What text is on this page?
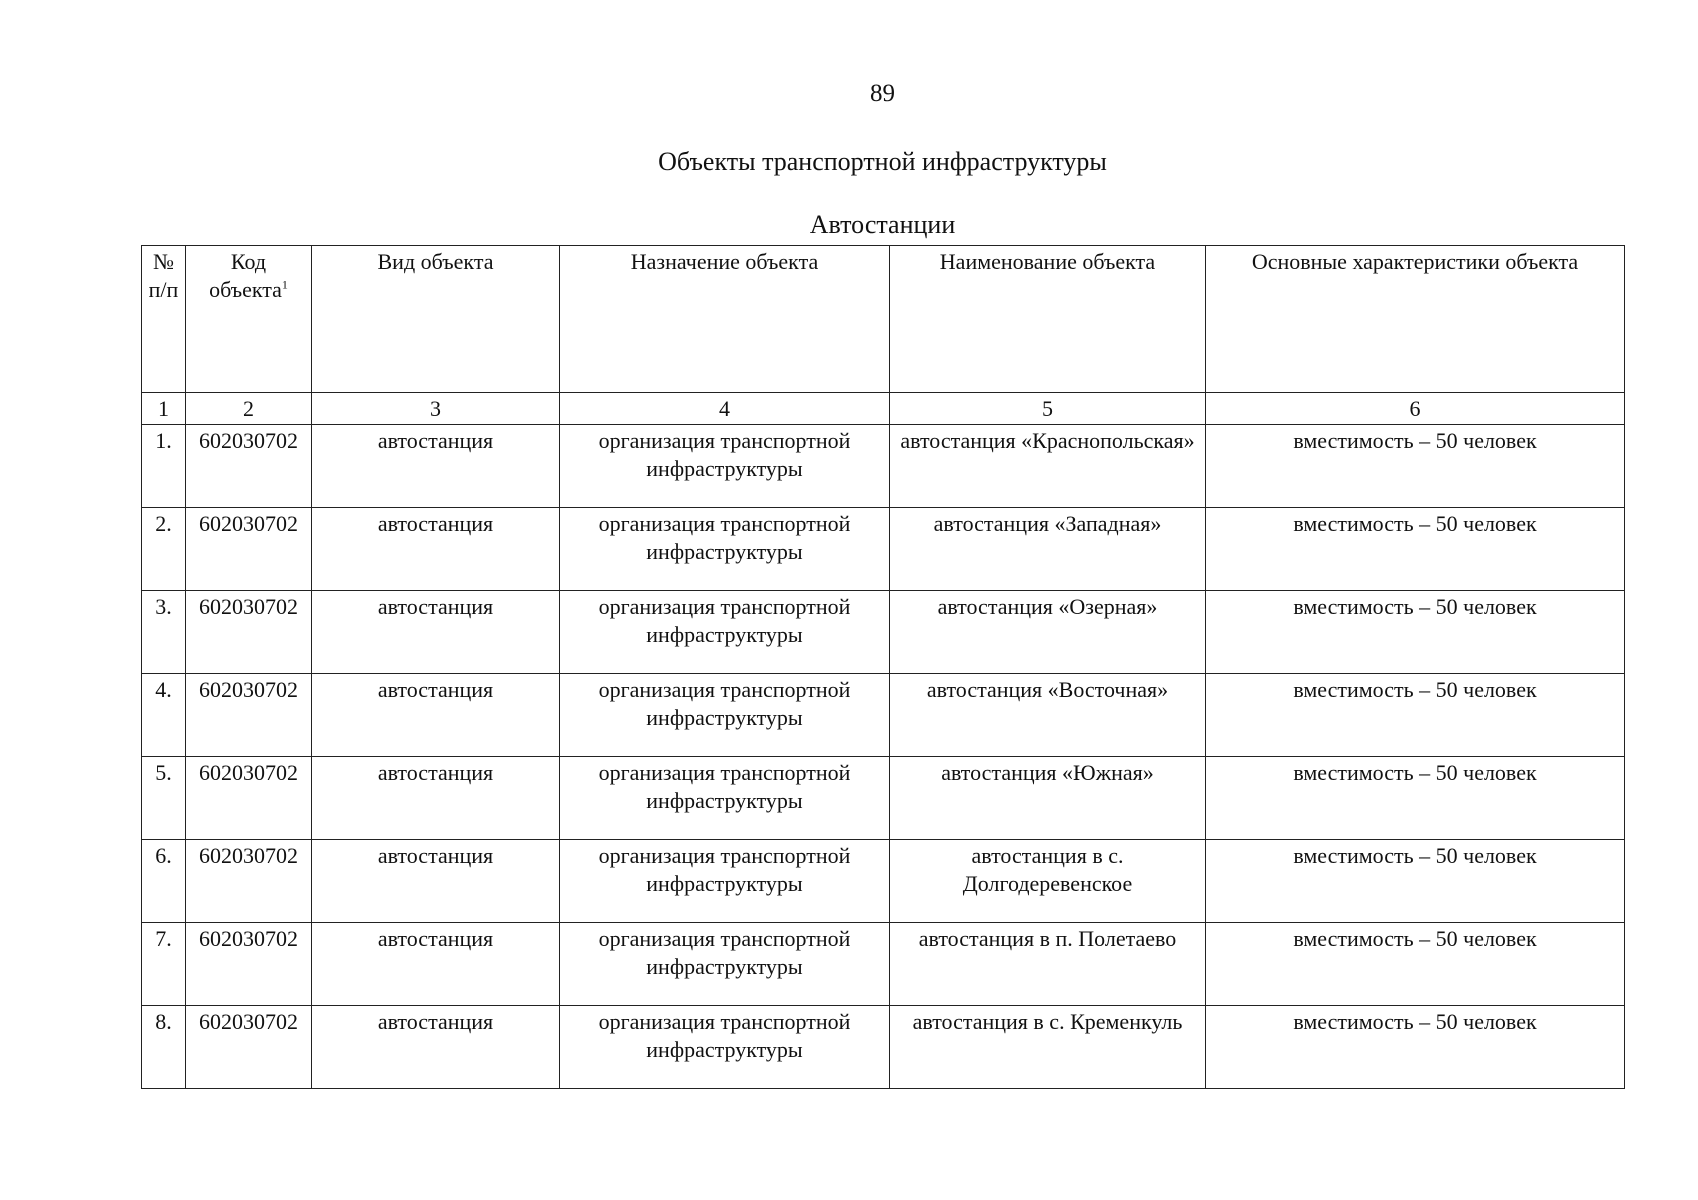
89
Объекты транспортной инфраструктуры
Автостанции
№ п/п	Код объекта$^1$	Вид объекта	Назначение объекта	Наименование объекта	Основные характеристики объекта
1	2	3	4	5	6
1.	602030702	автостанция	организация транспортной инфраструктуры	автостанция «Краснопольская»	вместимость – 50 человек
2.	602030702	автостанция	организация транспортной инфраструктуры	автостанция «Западная»	вместимость – 50 человек
3.	602030702	автостанция	организация транспортной инфраструктуры	автостанция «Озерная»	вместимость – 50 человек
4.	602030702	автостанция	организация транспортной инфраструктуры	автостанция «Восточная»	вместимость – 50 человек
5.	602030702	автостанция	организация транспортной инфраструктуры	автостанция «Южная»	вместимость – 50 человек
6.	602030702	автостанция	организация транспортной инфраструктуры	автостанция в с. Долгодеревенское	вместимость – 50 человек
7.	602030702	автостанция	организация транспортной инфраструктуры	автостанция в п. Полетаево	вместимость – 50 человек
8.	602030702	автостанция	организация транспортной инфраструктуры	автостанция в с. Кременкуль	вместимость – 50 человек
